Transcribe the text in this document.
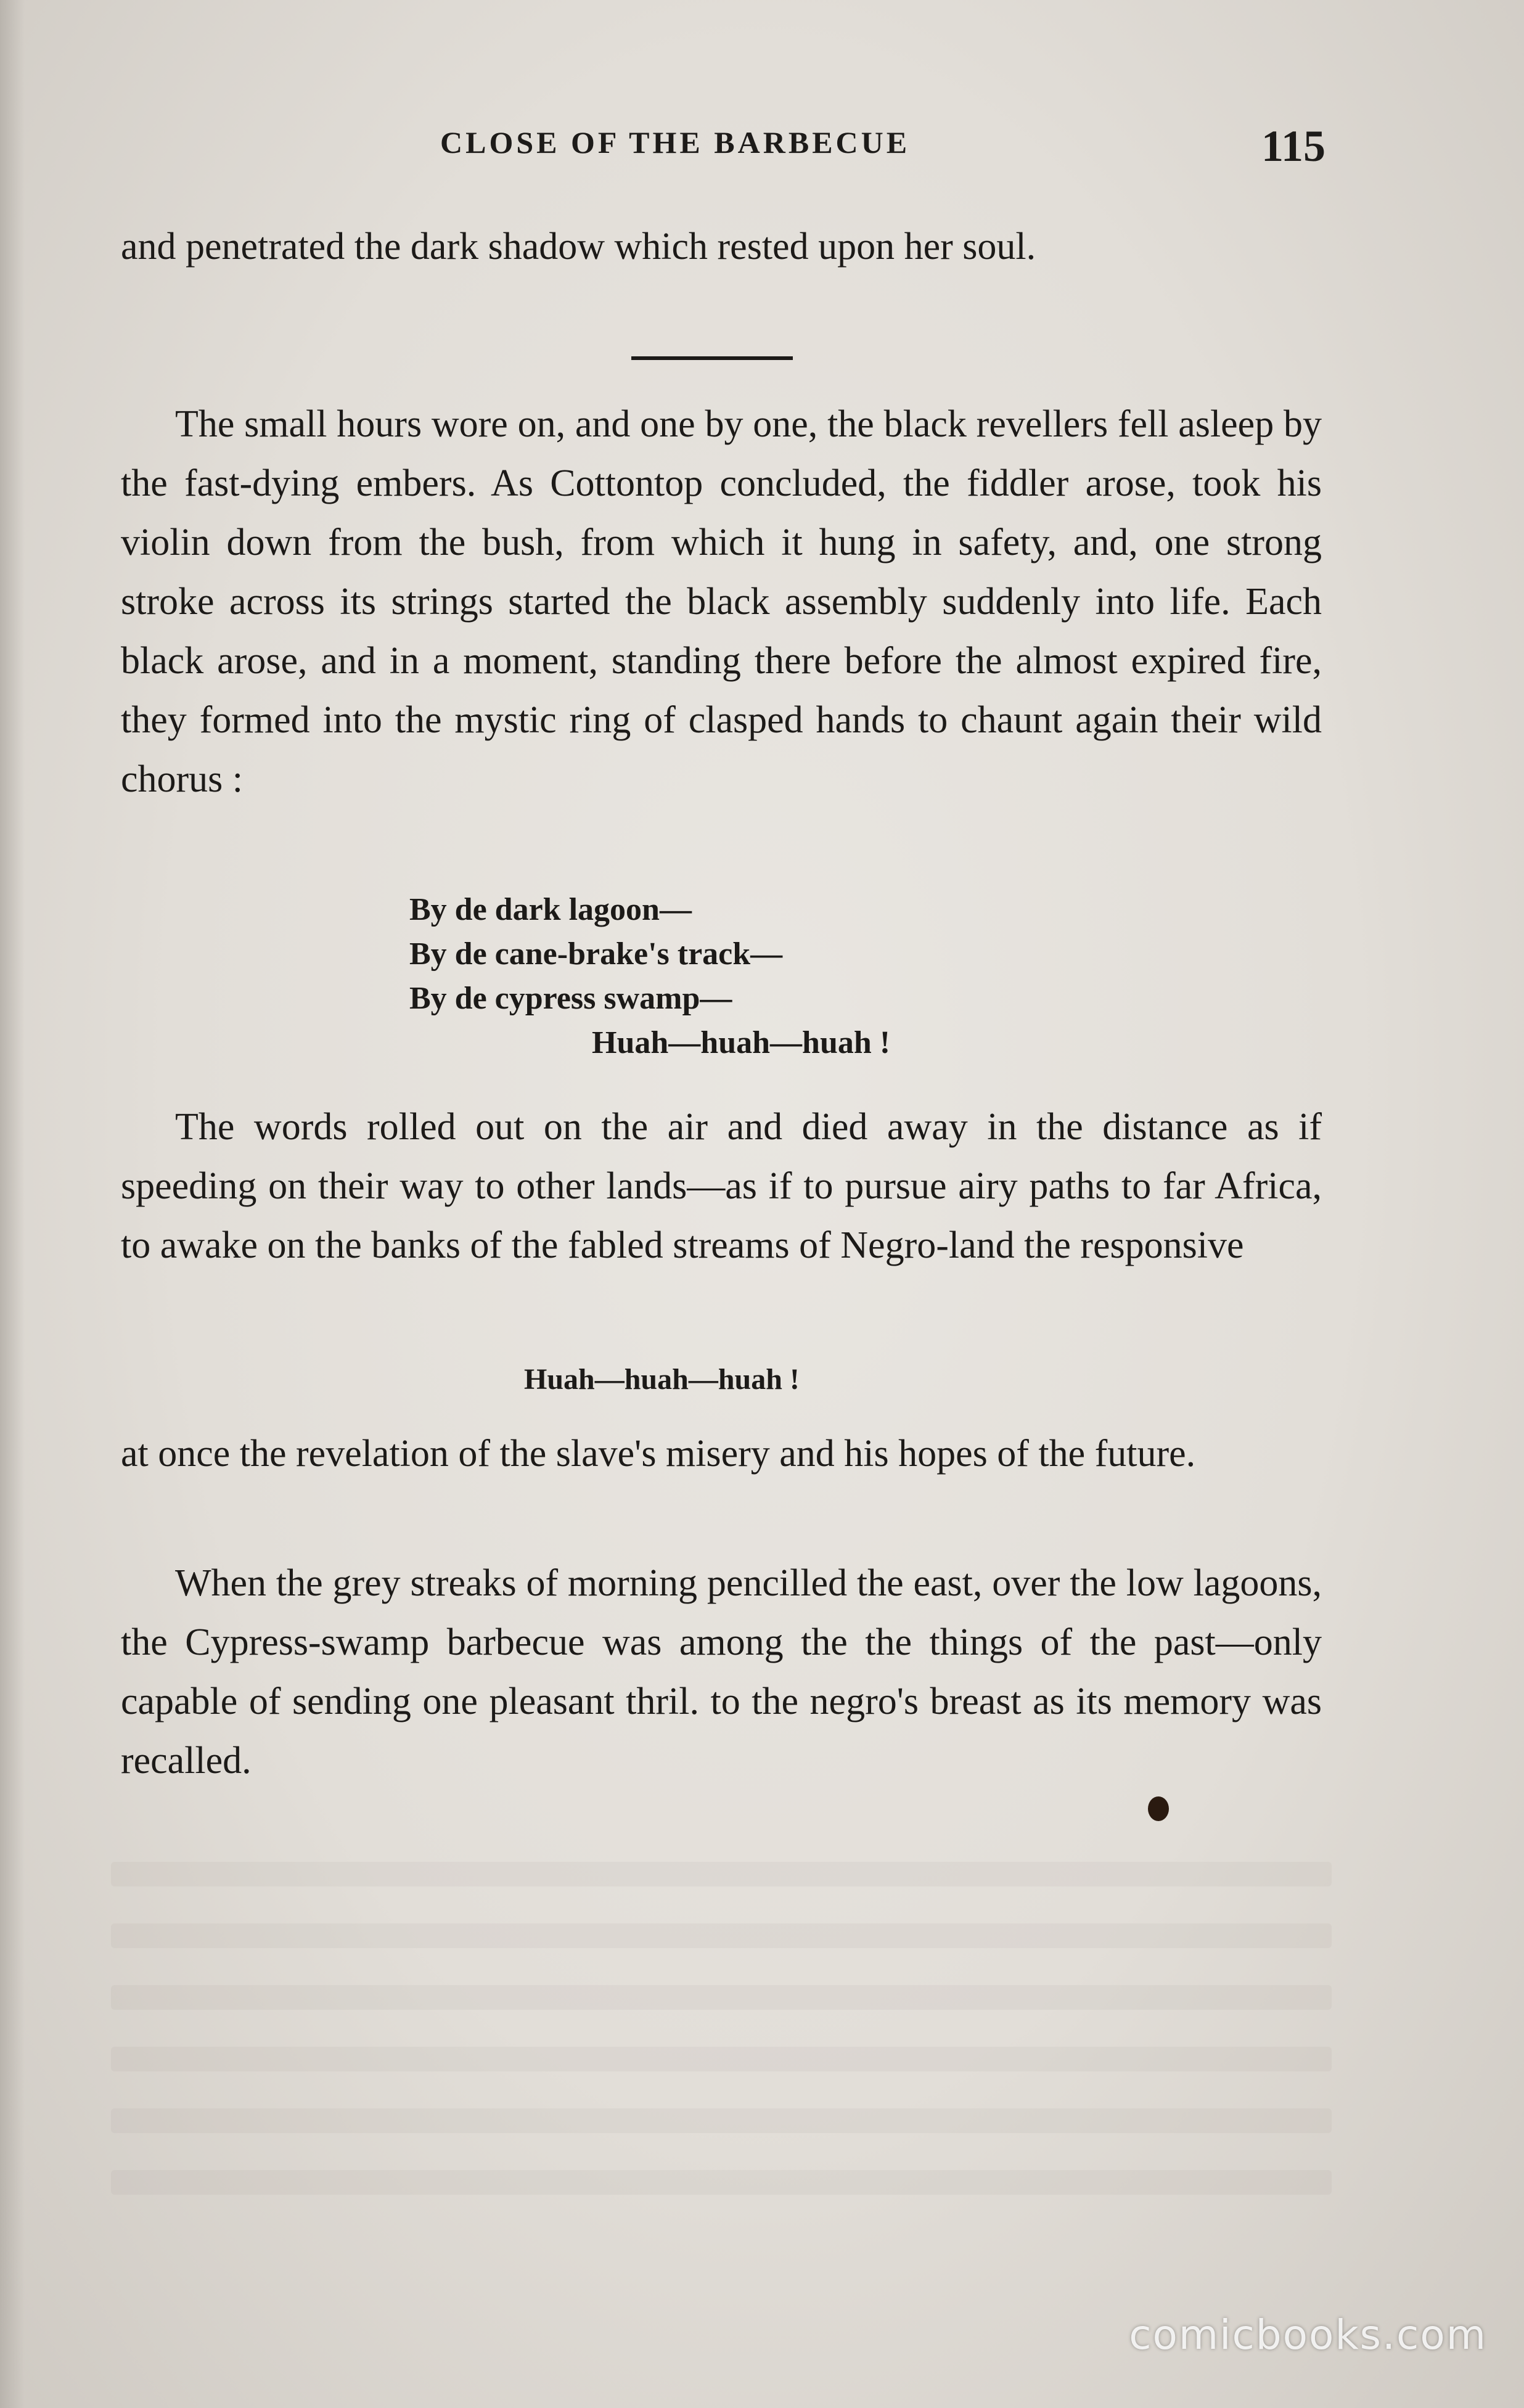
CLOSE OF THE BARBECUE	115
and penetrated the dark shadow which rested upon her soul.
The small hours wore on, and one by one, the black revellers fell asleep by the fast-dying embers. As Cottontop concluded, the fiddler arose, took his violin down from the bush, from which it hung in safety, and, one strong stroke across its strings started the black assembly suddenly into life. Each black arose, and in a moment, standing there before the almost expired fire, they formed into the mystic ring of clasped hands to chaunt again their wild chorus :
By de dark lagoon—
By de cane-brake's track—
By de cypress swamp—
Huah—huah—huah !
The words rolled out on the air and died away in the distance as if speeding on their way to other lands—as if to pursue airy paths to far Africa, to awake on the banks of the fabled streams of Negro-land the responsive
Huah—huah—huah !
at once the revelation of the slave's misery and his hopes of the future.
When the grey streaks of morning pencilled the east, over the low lagoons, the Cypress-swamp barbecue was among the the things of the past—only capable of sending one pleasant thril. to the negro's breast as its memory was recalled.
comicbooks.com
